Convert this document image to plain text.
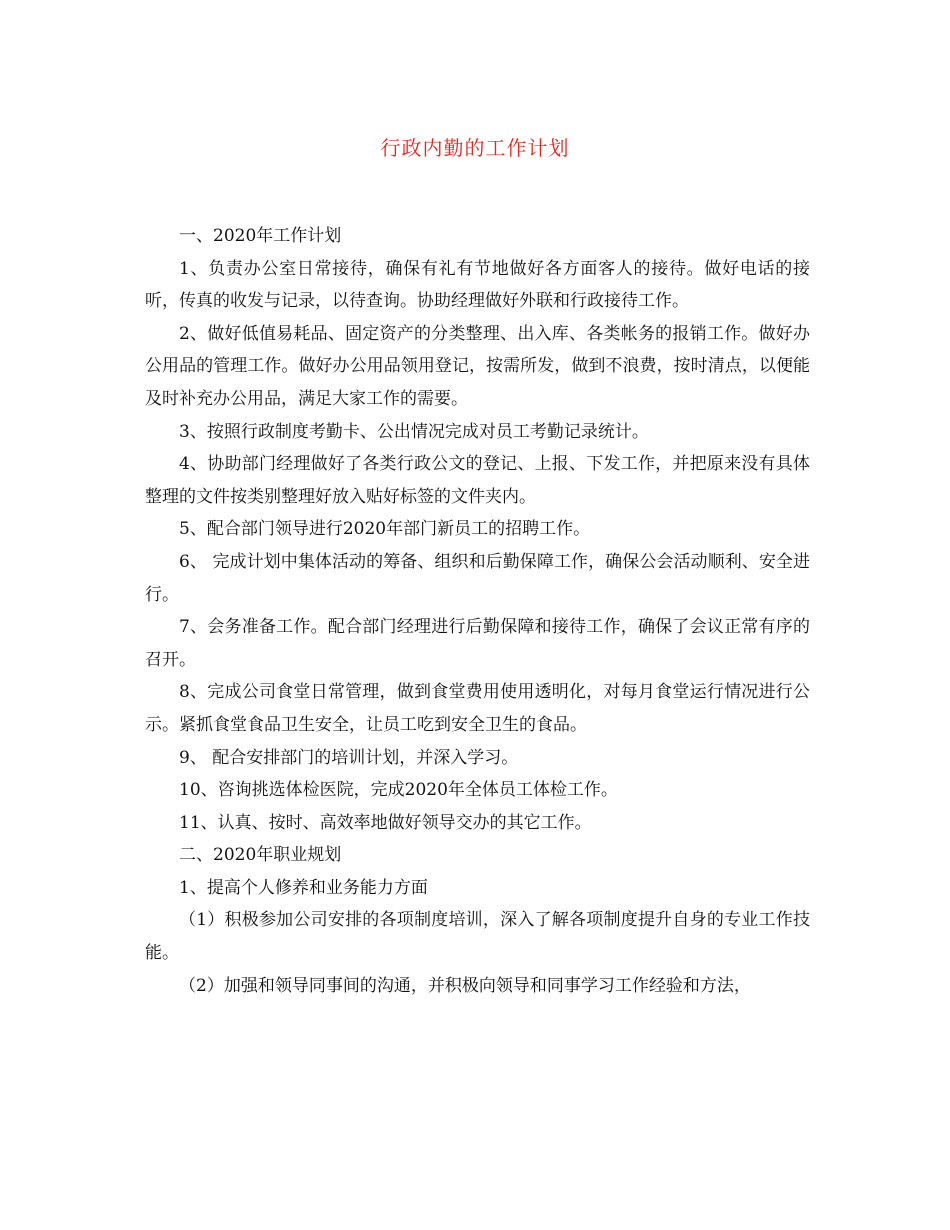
行政内勤的工作计划

一、2020年工作计划

1、负责办公室日常接待，确保有礼有节地做好各方面客人的接待。做好电话的接听，传真的收发与记录，以待查询。协助经理做好外联和行政接待工作。

2、做好低值易耗品、固定资产的分类整理、出入库、各类帐务的报销工作。做好办公用品的管理工作。做好办公用品领用登记，按需所发，做到不浪费，按时清点，以便能及时补充办公用品，满足大家工作的需要。

3、按照行政制度考勤卡、公出情况完成对员工考勤记录统计。

4、协助部门经理做好了各类行政公文的登记、上报、下发工作，并把原来没有具体整理的文件按类别整理好放入贴好标签的文件夹内。

5、配合部门领导进行2020年部门新员工的招聘工作。

6、 完成计划中集体活动的筹备、组织和后勤保障工作，确保公会活动顺利、安全进行。

7、会务准备工作。配合部门经理进行后勤保障和接待工作，确保了会议正常有序的召开。

8、完成公司食堂日常管理，做到食堂费用使用透明化，对每月食堂运行情况进行公示。紧抓食堂食品卫生安全，让员工吃到安全卫生的食品。

9、 配合安排部门的培训计划，并深入学习。

10、咨询挑选体检医院，完成2020年全体员工体检工作。

11、认真、按时、高效率地做好领导交办的其它工作。

二、2020年职业规划

1、提高个人修养和业务能力方面

（1）积极参加公司安排的各项制度培训，深入了解各项制度提升自身的专业工作技能。

（2）加强和领导同事间的沟通，并积极向领导和同事学习工作经验和方法，
